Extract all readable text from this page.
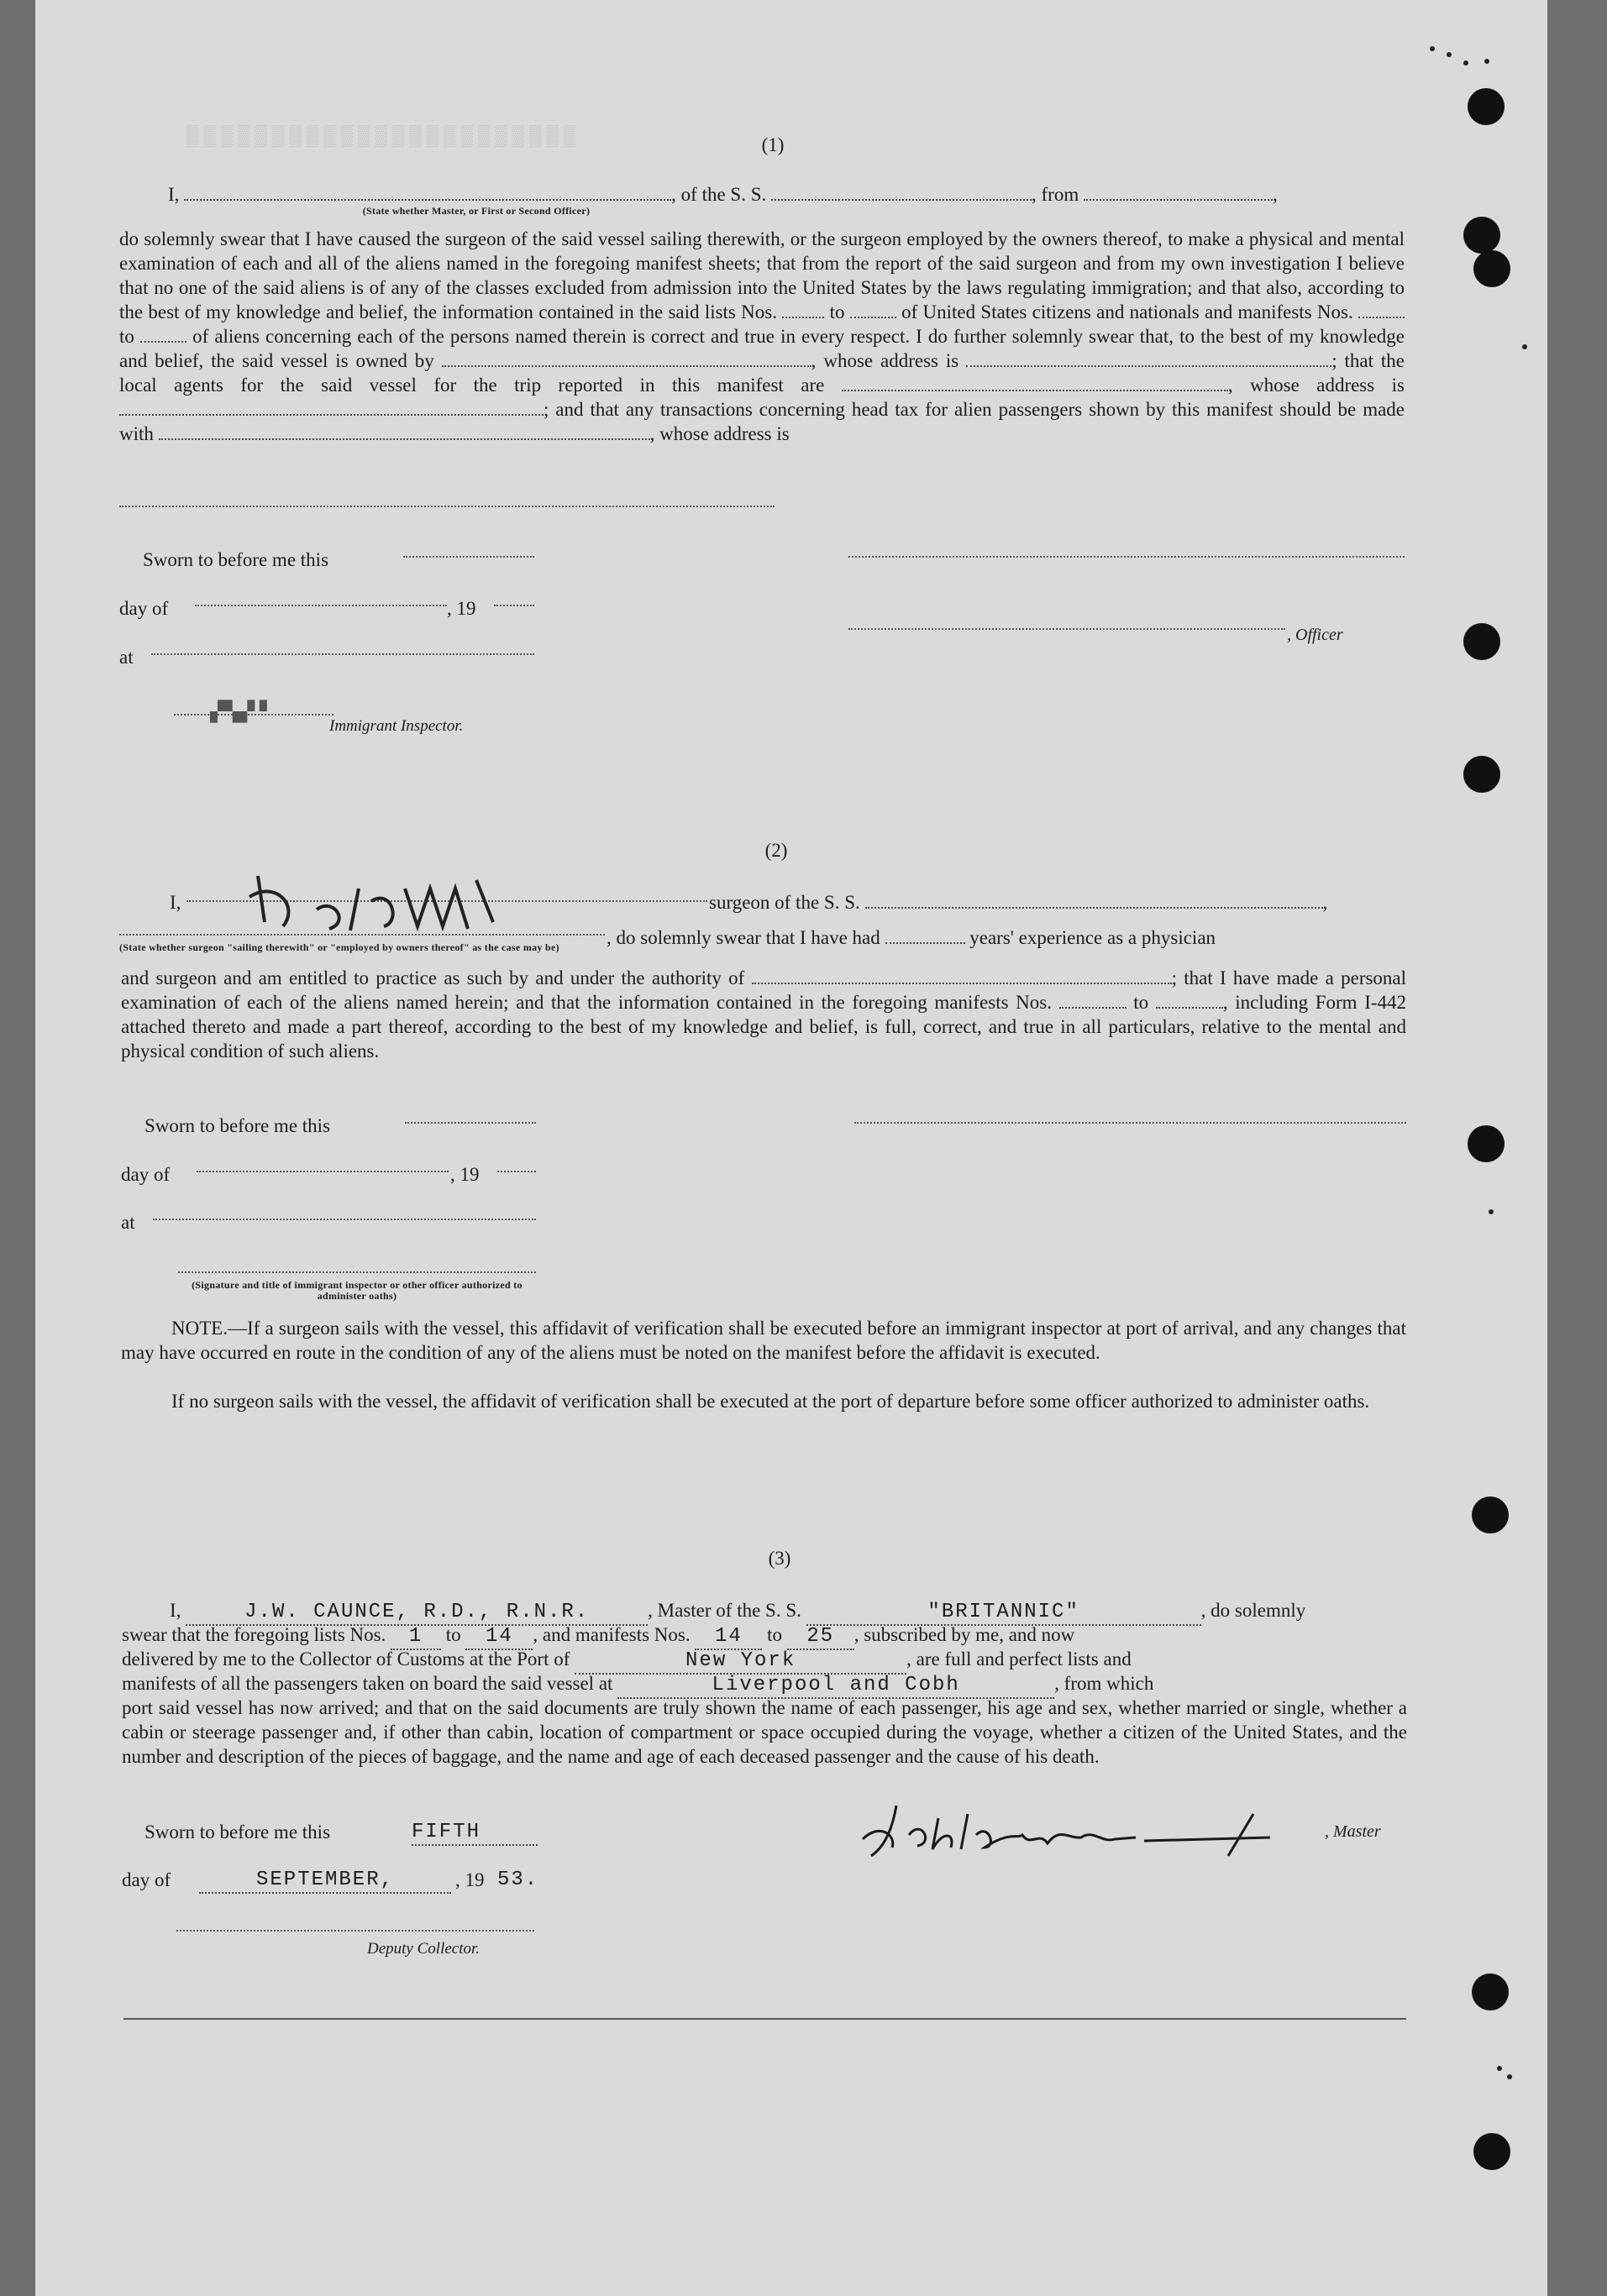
▒▒▒▒▒▒▒▒▒▒▒▒▒▒▒▒▒▒▒▒▒▒▒	(1)
I,	, of the S. S.	, from	,
(State whether Master, or First or Second Officer)
do solemnly swear that I have caused the surgeon of the said vessel sailing therewith, or the surgeon employed by the owners thereof, to make a physical and mental examination of each and all of the aliens named in the foregoing manifest sheets; that from the report of the said surgeon and from my own investigation I believe that no one of the said aliens is of any of the classes excluded from admission into the United States by the laws regulating immigration; and that also, according to the best of my knowledge and belief, the information contained in the said lists Nos.	to	of United States citizens and nationals and manifests Nos.  to	of aliens concerning each of the persons named therein is correct and true in every respect. I do further solemnly swear that, to the best of my knowledge and belief, the said vessel is owned by	, whose address is	; that the local agents for the said vessel for the trip reported in this manifest are	, whose address is ; and that any transactions concerning head tax for alien passengers shown by this manifest should be made with	, whose address is
Sworn to before me this
day of	, 19
, Officer
at
▞▚▞ ▘
Immigrant Inspector.
(2)
I,	surgeon of the S. S.	,
, do solemnly swear that I have had	years' experience as a physician
(State whether surgeon "sailing therewith" or "employed by owners thereof" as the case may be)
and surgeon and am entitled to practice as such by and under the authority of	; that I have made a personal examination of each of the aliens named herein; and that the information contained in the foregoing manifests Nos.	to	, including Form I-442 attached thereto and made a part thereof, according to the best of my knowledge and belief, is full, correct, and true in all particulars, relative to the mental and physical condition of such aliens.
Sworn to before me this
day of	, 19
at
(Signature and title of immigrant inspector or other officer authorized to administer oaths)
NOTE.—If a surgeon sails with the vessel, this affidavit of verification shall be executed before an immigrant inspector at port of arrival, and any changes that may have occurred en route in the condition of any of the aliens must be noted on the manifest before the affidavit is executed.
If no surgeon sails with the vessel, the affidavit of verification shall be executed at the port of departure before some officer authorized to administer oaths.
(3)
I,	J.W. CAUNCE, R.D., R.N.R.	, Master of the S. S.	"BRITANNIC"	, do solemnly
swear that the foregoing lists Nos. 1 to 14 , and manifests Nos. 14 to 25 , subscribed by me, and now
delivered by me to the Collector of Customs at the Port of	New York	, are full and perfect lists and
manifests of all the passengers taken on board the said vessel at	Liverpool and Cobh	, from which
port said vessel has now arrived; and that on the said documents are truly shown the name of each passenger, his age and sex, whether married or single, whether a cabin or steerage passenger and, if other than cabin, location of compartment or space occupied during the voyage, whether a citizen of the United States, and the number and description of the pieces of baggage, and the name and age of each deceased passenger and the cause of his death.
Sworn to before me this	FIFTH	, Master
day of	SEPTEMBER,	, 19 53.
Deputy Collector.
